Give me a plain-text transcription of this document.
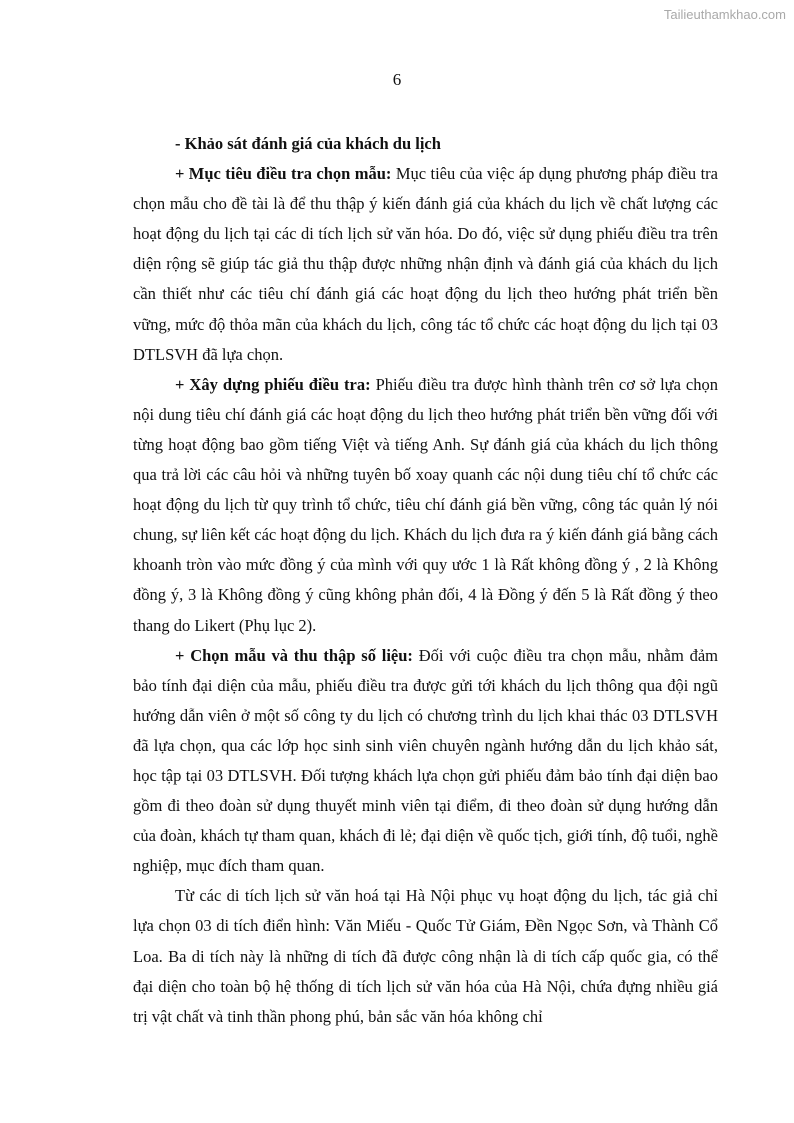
Tailieuthamkhao.com
6

- Khảo sát đánh giá của khách du lịch

+ Mục tiêu điều tra chọn mẫu: Mục tiêu của việc áp dụng phương pháp điều tra chọn mẫu cho đề tài là để thu thập ý kiến đánh giá của khách du lịch về chất lượng các hoạt động du lịch tại các di tích lịch sử văn hóa. Do đó, việc sử dụng phiếu điều tra trên diện rộng sẽ giúp tác giả thu thập được những nhận định và đánh giá của khách du lịch cần thiết như các tiêu chí đánh giá các hoạt động du lịch theo hướng phát triển bền vững, mức độ thỏa mãn của khách du lịch, công tác tổ chức các hoạt động du lịch tại 03 DTLSVH đã lựa chọn.

+ Xây dựng phiếu điều tra: Phiếu điều tra được hình thành trên cơ sở lựa chọn nội dung tiêu chí đánh giá các hoạt động du lịch theo hướng phát triển bền vững đối với từng hoạt động bao gồm tiếng Việt và tiếng Anh. Sự đánh giá của khách du lịch thông qua trả lời các câu hỏi và những tuyên bố xoay quanh các nội dung tiêu chí tổ chức các hoạt động du lịch từ quy trình tổ chức, tiêu chí đánh giá bền vững, công tác quản lý nói chung, sự liên kết các hoạt động du lịch. Khách du lịch đưa ra ý kiến đánh giá bằng cách khoanh tròn vào mức đồng ý của mình với quy ước 1 là Rất không đồng ý , 2 là Không đồng ý, 3 là Không đồng ý cũng không phản đối, 4 là Đồng ý đến 5 là Rất đồng ý theo thang do Likert (Phụ lục 2).

+ Chọn mẫu và thu thập số liệu: Đối với cuộc điều tra chọn mẫu, nhằm đảm bảo tính đại diện của mẫu, phiếu điều tra được gửi tới khách du lịch thông qua đội ngũ hướng dẫn viên ở một số công ty du lịch có chương trình du lịch khai thác 03 DTLSVH đã lựa chọn, qua các lớp học sinh sinh viên chuyên ngành hướng dẫn du lịch khảo sát, học tập tại 03 DTLSVH. Đối tượng khách lựa chọn gửi phiếu đảm bảo tính đại diện bao gồm đi theo đoàn sử dụng thuyết minh viên tại điểm, đi theo đoàn sử dụng hướng dẫn của đoàn, khách tự tham quan, khách đi lẻ; đại diện về quốc tịch, giới tính, độ tuổi, nghề nghiệp, mục đích tham quan.

Từ các di tích lịch sử văn hoá tại Hà Nội phục vụ hoạt động du lịch, tác giả chỉ lựa chọn 03 di tích điển hình: Văn Miếu - Quốc Tử Giám, Đền Ngọc Sơn, và Thành Cổ Loa. Ba di tích này là những di tích đã được công nhận là di tích cấp quốc gia, có thể đại diện cho toàn bộ hệ thống di tích lịch sử văn hóa của Hà Nội, chứa đựng nhiều giá trị vật chất và tinh thần phong phú, bản sắc văn hóa không chỉ
